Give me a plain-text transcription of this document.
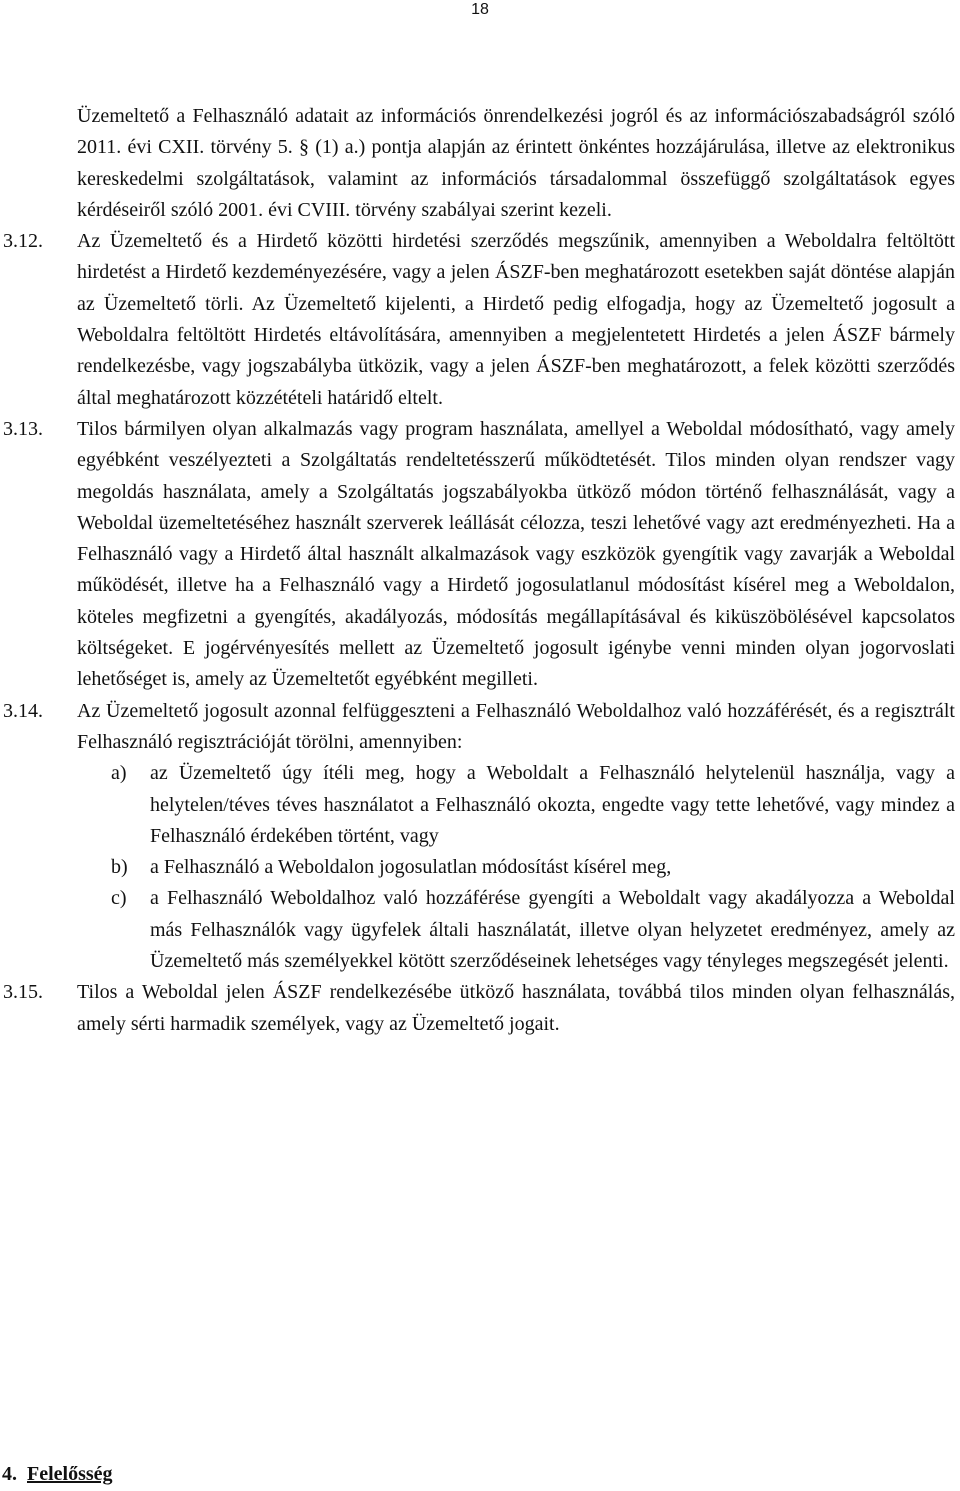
18

Üzemeltető a Felhasználó adatait az információs önrendelkezési jogról és az információszabadságról szóló 2011. évi CXII. törvény 5. § (1) a.) pontja alapján az érintett önkéntes hozzájárulása, illetve az elektronikus kereskedelmi szolgáltatások, valamint az információs társadalommal összefüggő szolgáltatások egyes kérdéseiről szóló 2001. évi CVIII. törvény szabályai szerint kezeli.

3.12. Az Üzemeltető és a Hirdető közötti hirdetési szerződés megszűnik, amennyiben a Weboldalra feltöltött hirdetést a Hirdető kezdeményezésére, vagy a jelen ÁSZF-ben meghatározott esetekben saját döntése alapján az Üzemeltető törli. Az Üzemeltető kijelenti, a Hirdető pedig elfogadja, hogy az Üzemeltető jogosult a Weboldalra feltöltött Hirdetés eltávolítására, amennyiben a megjelentetett Hirdetés a jelen ÁSZF bármely rendelkezésbe, vagy jogszabályba ütközik, vagy a jelen ÁSZF-ben meghatározott, a felek közötti szerződés által meghatározott közzétételi határidő eltelt.

3.13. Tilos bármilyen olyan alkalmazás vagy program használata, amellyel a Weboldal módosítható, vagy amely egyébként veszélyezteti a Szolgáltatás rendeltetésszerű működtetését. Tilos minden olyan rendszer vagy megoldás használata, amely a Szolgáltatás jogszabályokba ütköző módon történő felhasználását, vagy a Weboldal üzemeltetéséhez használt szerverek leállását célozza, teszi lehetővé vagy azt eredményezheti. Ha a Felhasználó vagy a Hirdető által használt alkalmazások vagy eszközök gyengítik vagy zavarják a Weboldal működését, illetve ha a Felhasználó vagy a Hirdető jogosulatlanul módosítást kísérel meg a Weboldalon, köteles megfizetni a gyengítés, akadályozás, módosítás megállapításával és kiküszöbölésével kapcsolatos költségeket. E jogérvényesítés mellett az Üzemeltető jogosult igénybe venni minden olyan jogorvoslati lehetőséget is, amely az Üzemeltetőt egyébként megilleti.

3.14. Az Üzemeltető jogosult azonnal felfüggeszteni a Felhasználó Weboldalhoz való hozzáférését, és a regisztrált Felhasználó regisztrációját törölni, amennyiben:

a) az Üzemeltető úgy ítéli meg, hogy a Weboldalt a Felhasználó helytelenül használja, vagy a helytelen/téves téves használatot a Felhasználó okozta, engedte vagy tette lehetővé, vagy mindez a Felhasználó érdekében történt, vagy

b) a Felhasználó a Weboldalon jogosulatlan módosítást kísérel meg,

c) a Felhasználó Weboldalhoz való hozzáférése gyengíti a Weboldalt vagy akadályozza a Weboldal más Felhasználók vagy ügyfelek általi használatát, illetve olyan helyzetet eredményez, amely az Üzemeltető más személyekkel kötött szerződéseinek lehetséges vagy tényleges megszegését jelenti.

3.15. Tilos a Weboldal jelen ÁSZF rendelkezésébe ütköző használata, továbbá tilos minden olyan felhasználás, amely sérti harmadik személyek, vagy az Üzemeltető jogait.

4. Felelősség
